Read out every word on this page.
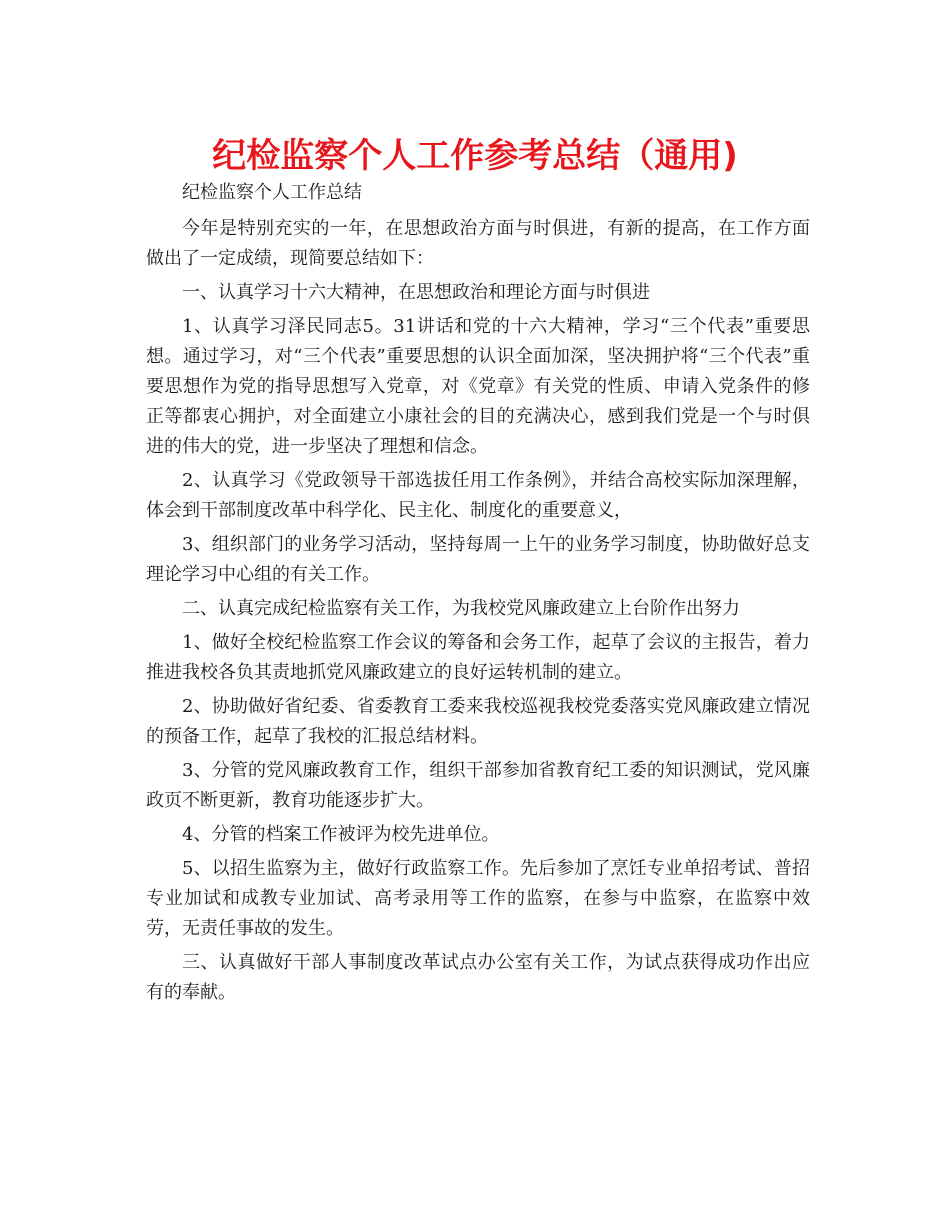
纪检监察个人工作参考总结（通用)

纪检监察个人工作总结

今年是特别充实的一年，在思想政治方面与时俱进，有新的提高，在工作方面做出了一定成绩，现简要总结如下：

一、认真学习十六大精神，在思想政治和理论方面与时俱进

1、认真学习泽民同志5。31讲话和党的十六大精神，学习“三个代表”重要思想。通过学习，对“三个代表”重要思想的认识全面加深，坚决拥护将“三个代表”重要思想作为党的指导思想写入党章，对《党章》有关党的性质、申请入党条件的修正等都衷心拥护，对全面建立小康社会的目的充满决心，感到我们党是一个与时俱进的伟大的党，进一步坚决了理想和信念。

2、认真学习《党政领导干部选拔任用工作条例》，并结合高校实际加深理解，体会到干部制度改革中科学化、民主化、制度化的重要意义，

3、组织部门的业务学习活动，坚持每周一上午的业务学习制度，协助做好总支理论学习中心组的有关工作。

二、认真完成纪检监察有关工作，为我校党风廉政建立上台阶作出努力

1、做好全校纪检监察工作会议的筹备和会务工作，起草了会议的主报告，着力推进我校各负其责地抓党风廉政建立的良好运转机制的建立。

2、协助做好省纪委、省委教育工委来我校巡视我校党委落实党风廉政建立情况的预备工作，起草了我校的汇报总结材料。

3、分管的党风廉政教育工作，组织干部参加省教育纪工委的知识测试，党风廉政页不断更新，教育功能逐步扩大。

4、分管的档案工作被评为校先进单位。

5、以招生监察为主，做好行政监察工作。先后参加了烹饪专业单招考试、普招专业加试和成教专业加试、高考录用等工作的监察，在参与中监察，在监察中效劳，无责任事故的发生。

三、认真做好干部人事制度改革试点办公室有关工作，为试点获得成功作出应有的奉献。
